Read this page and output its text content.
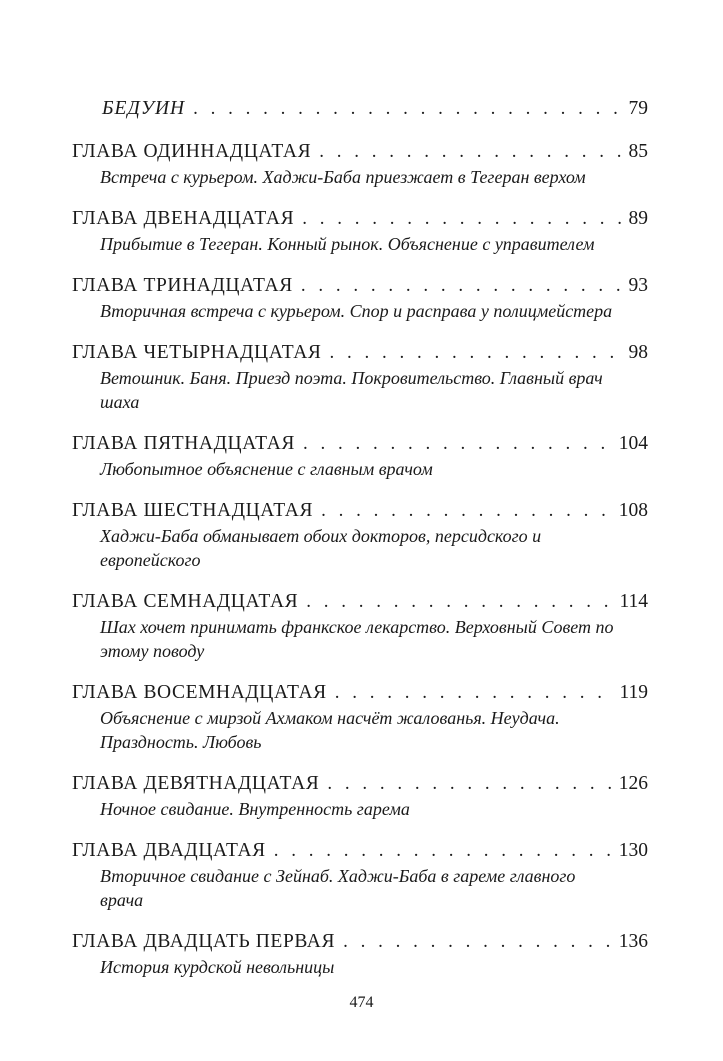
БЕДУИН . . .	79
ГЛАВА ОДИННАДЦАТАЯ . . .	85
Встреча с курьером. Хаджи-Баба приезжает в Тегеран верхом
ГЛАВА ДВЕНАДЦАТАЯ . . .	89
Прибытие в Тегеран. Конный рынок. Объяснение с управителем
ГЛАВА ТРИНАДЦАТАЯ . . .	93
Вторичная встреча с курьером. Спор и расправа у полицмейстера
ГЛАВА ЧЕТЫРНАДЦАТАЯ . . .	98
Ветошник. Баня. Приезд поэта. Покровительство. Главный врач шаха
ГЛАВА ПЯТНАДЦАТАЯ . . .	104
Любопытное объяснение с главным врачом
ГЛАВА ШЕСТНАДЦАТАЯ . . .	108
Хаджи-Баба обманывает обоих докторов, персидского и европейского
ГЛАВА СЕМНАДЦАТАЯ . . .	114
Шах хочет принимать франкское лекарство. Верховный Совет по этому поводу
ГЛАВА ВОСЕМНАДЦАТАЯ . . .	119
Объяснение с мирзой Ахмаком насчёт жалованья. Неудача. Праздность. Любовь
ГЛАВА ДЕВЯТНАДЦАТАЯ . . .	126
Ночное свидание. Внутренность гарема
ГЛАВА ДВАДЦАТАЯ . . .	130
Вторичное свидание с Зейнаб. Хаджи-Баба в гареме главного врача
ГЛАВА ДВАДЦАТЬ ПЕРВАЯ . . .	136
История курдской невольницы
474
